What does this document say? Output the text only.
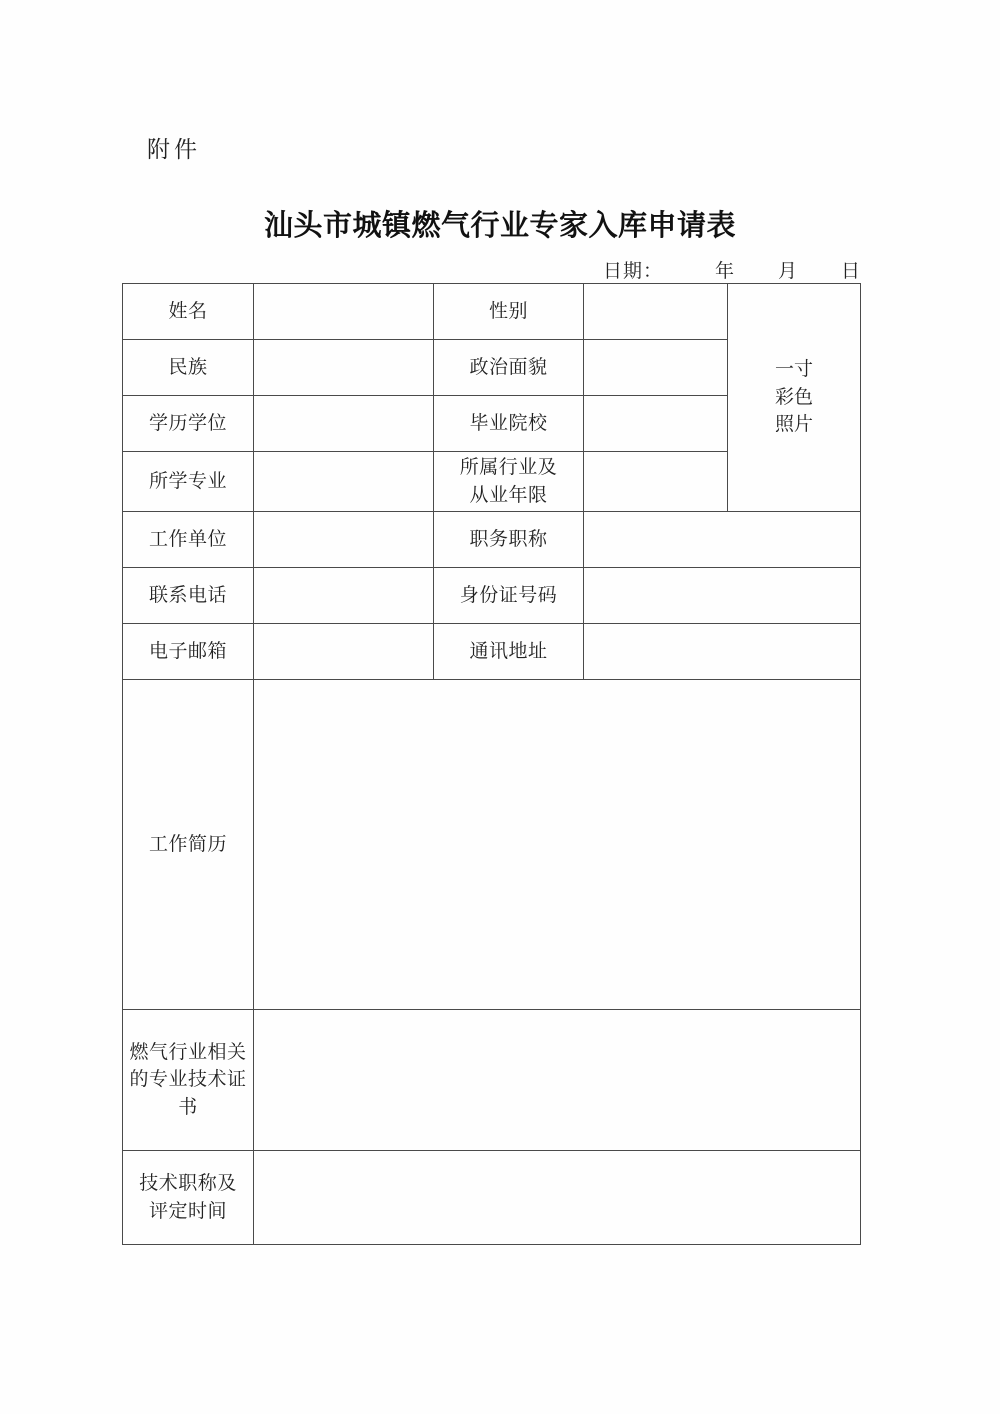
附件
汕头市城镇燃气行业专家入库申请表
日期：	年 月 日
姓名		性别		一寸
彩色
照片

民族		政治面貌		
学历学位		毕业院校		
所学专业		所属行业及
从业年限		

工作单位		职务职称		
联系电话		身份证号码		
电子邮箱		通讯地址		
工作简历				
燃气行业相关的专业技术证书				

技术职称及
评定时间				
